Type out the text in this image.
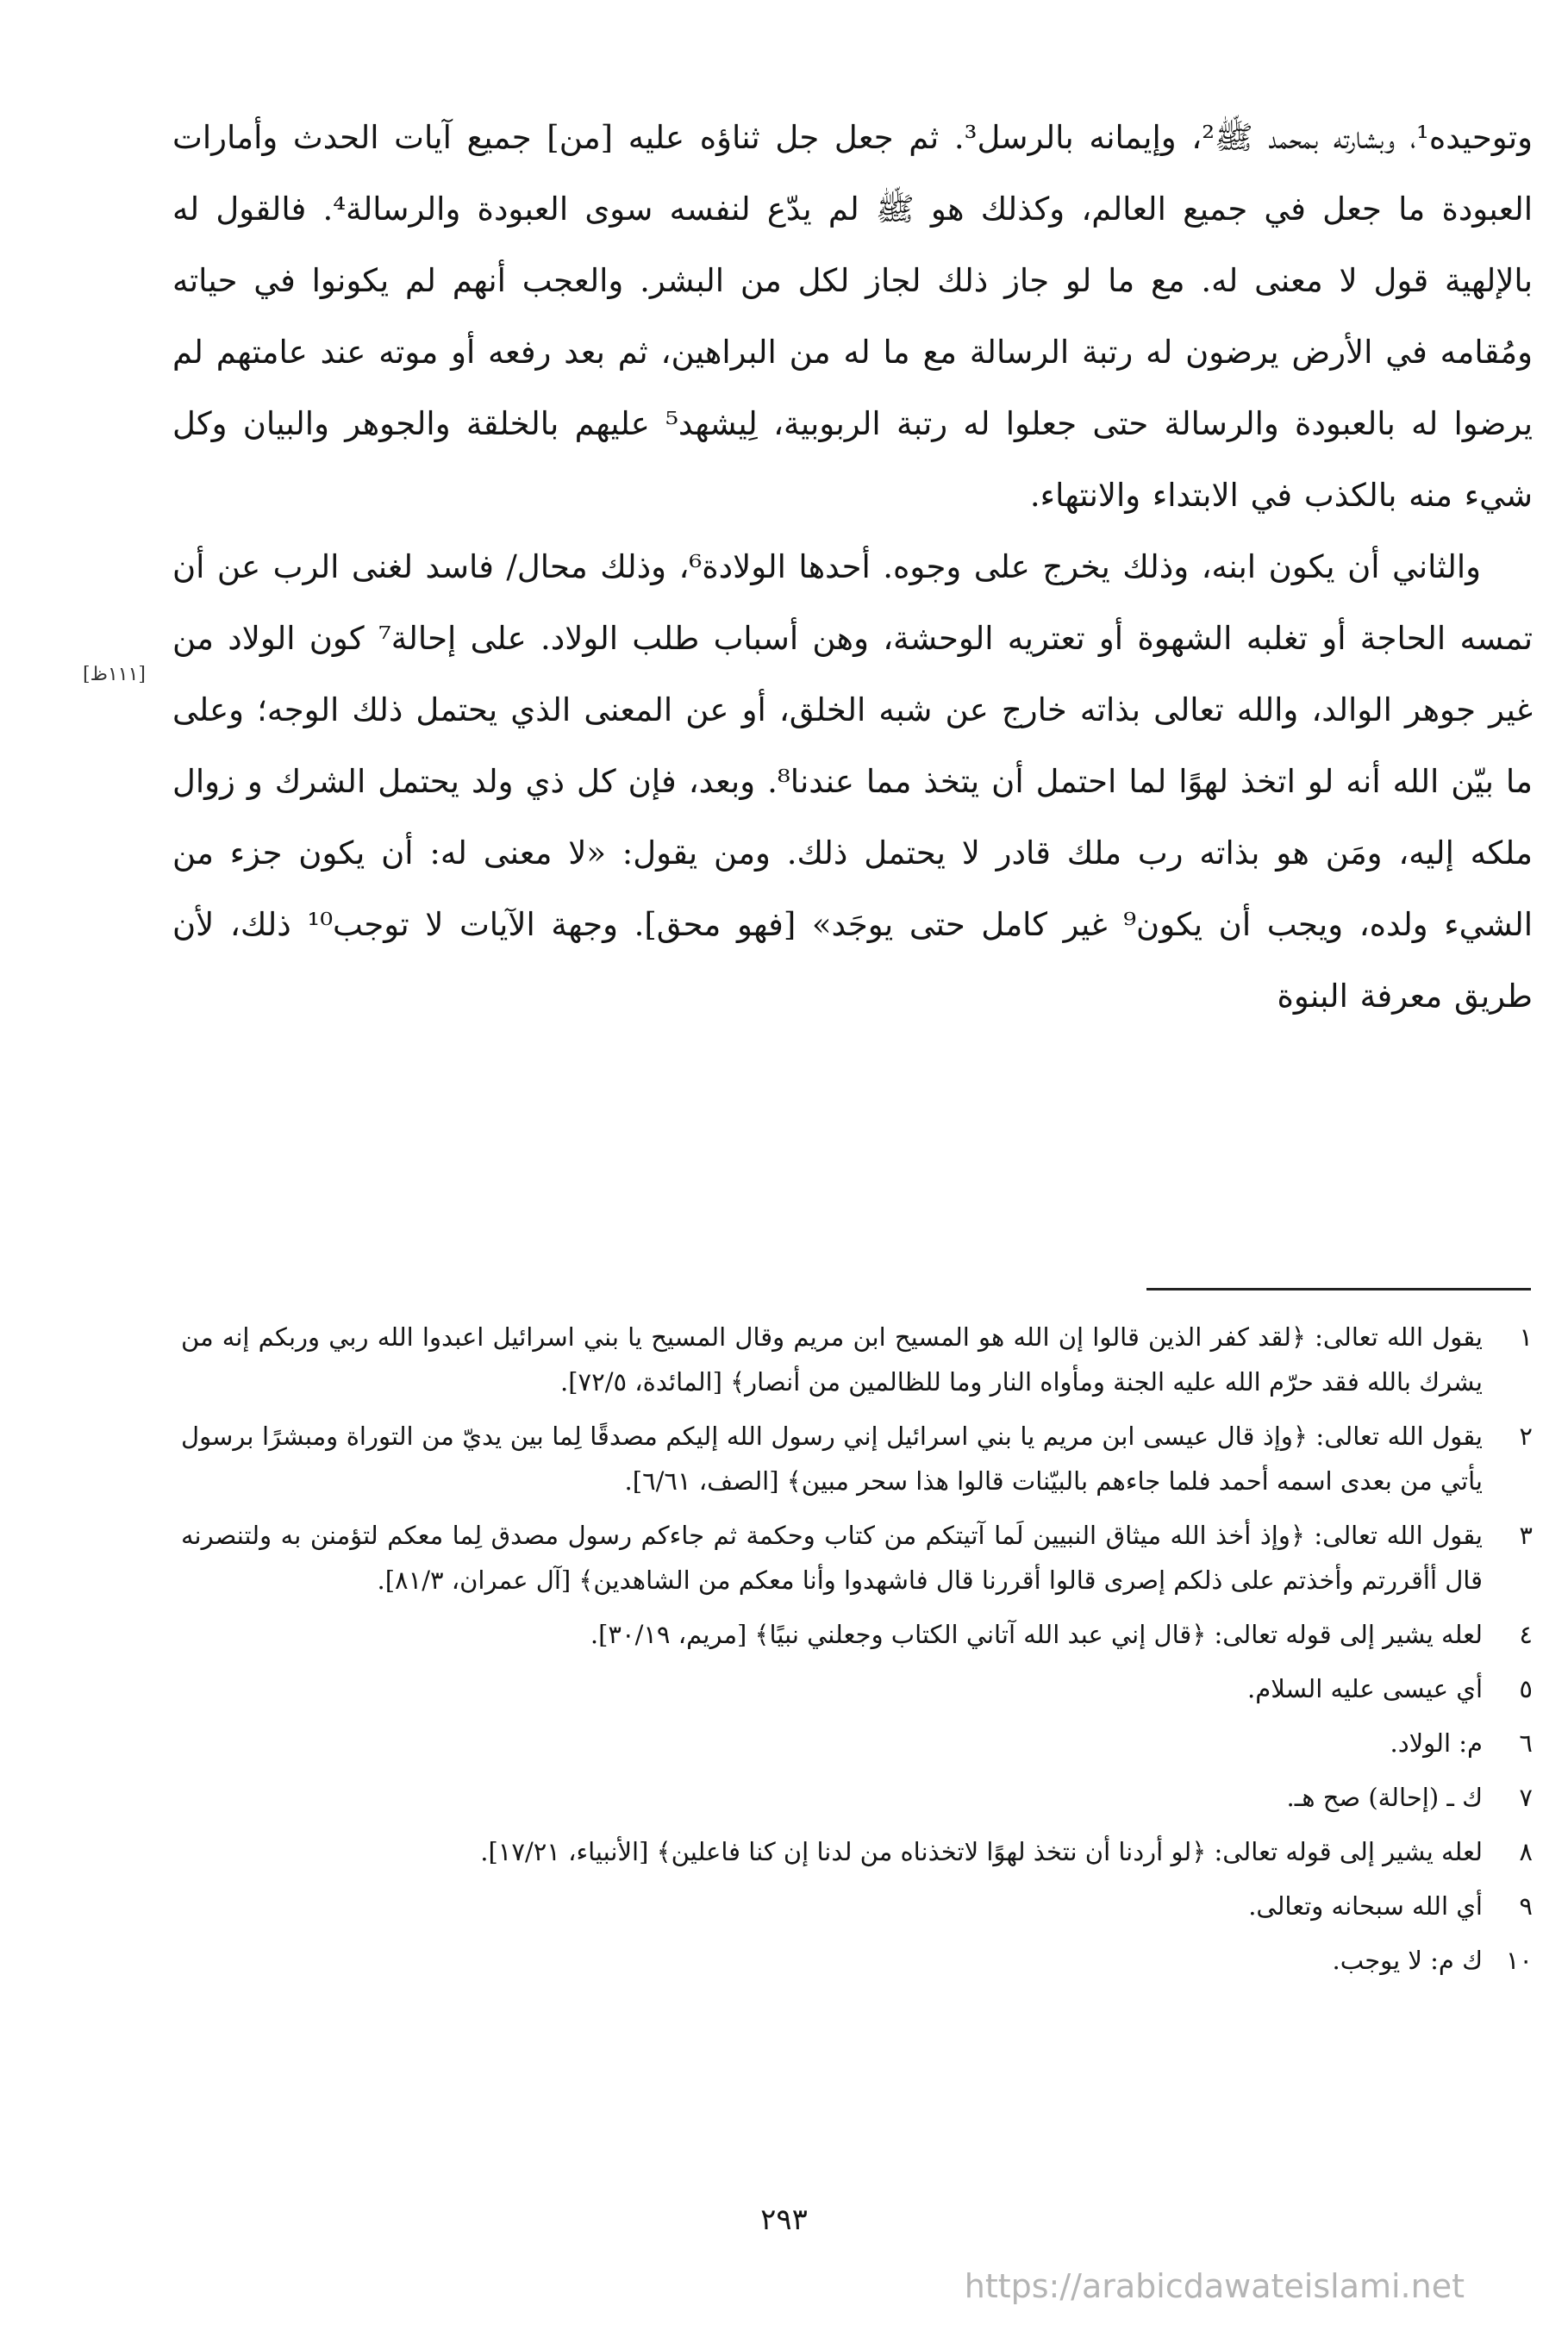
وتوحيده¹، وبشارته بمحمد ﷺ²، وإيمانه بالرسل³. ثم جعل جل ثناؤه عليه [من] جميع آيات الحدث وأمارات العبودة ما جعل في جميع العالم، وكذلك هو ﷺ لم يدّع لنفسه سوى العبودة والرسالة⁴. فالقول له بالإلهية قول لا معنى له. مع ما لو جاز ذلك لجاز لكل من البشر. والعجب أنهم لم يكونوا في حياته ومُقامه في الأرض يرضون له رتبة الرسالة مع ما له من البراهين، ثم بعد رفعه أو موته عند عامتهم لم يرضوا له بالعبودة والرسالة حتى جعلوا له رتبة الربوبية، لِيشهد⁵ عليهم بالخلقة والجوهر والبيان وكل شيء منه بالكذب في الابتداء والانتهاء.

والثاني أن يكون ابنه، وذلك يخرج على وجوه. أحدها الولادة⁶، وذلك محال/ فاسد لغنى الرب عن أن تمسه الحاجة أو تغلبه الشهوة أو تعتريه الوحشة، وهن أسباب طلب الولاد. على إحالة⁷ كون الولاد من غير جوهر الوالد، والله تعالى بذاته خارج عن شبه الخلق، أو عن المعنى الذي يحتمل ذلك الوجه؛ وعلى ما بيّن الله أنه لو اتخذ لهوًا لما احتمل أن يتخذ مما عندنا⁸. وبعد، فإن كل ذي ولد يحتمل الشرك و زوال ملكه إليه، ومَن هو بذاته رب ملك قادر لا يحتمل ذلك. ومن يقول: «لا معنى له: أن يكون جزء من الشيء ولده، ويجب أن يكون⁹ غير كامل حتى يوجَد» [فهو محق]. وجهة الآيات لا توجب¹⁰ ذلك، لأن طريق معرفة البنوة

[١١١ظ]
١
يقول الله تعالى: ﴿لقد كفر الذين قالوا إن الله هو المسيح ابن مريم وقال المسيح يا بني اسرائيل اعبدوا الله ربي وربكم إنه من يشرك بالله فقد حرّم الله عليه الجنة ومأواه النار وما للظالمين من أنصار﴾ [المائدة، ٧٢/٥].
٢
يقول الله تعالى: ﴿وإذ قال عيسى ابن مريم يا بني اسرائيل إني رسول الله إليكم مصدقًا لِما بين يديّ من التوراة ومبشرًا برسول يأتي من بعدى اسمه أحمد فلما جاءهم بالبيّنات قالوا هذا سحر مبين﴾ [الصف، ٦/٦١].
٣
يقول الله تعالى: ﴿وإذ أخذ الله ميثاق النبيين لَما آتيتكم من كتاب وحكمة ثم جاءكم رسول مصدق لِما معكم لتؤمنن به ولتنصرنه قال أأقررتم وأخذتم على ذلكم إصرى قالوا أقررنا قال فاشهدوا وأنا معكم من الشاهدين﴾ [آل عمران، ٨١/٣].
٤
لعله يشير إلى قوله تعالى: ﴿قال إني عبد الله آتاني الكتاب وجعلني نبيًا﴾ [مريم، ٣٠/١٩].
٥
أي عيسى عليه السلام.
٦
م: الولاد.
٧
ك ـ (إحالة) صح هـ.
٨
لعله يشير إلى قوله تعالى: ﴿لو أردنا أن نتخذ لهوًا لاتخذناه من لدنا إن كنا فاعلين﴾ [الأنبياء، ١٧/٢١].
٩
أي الله سبحانه وتعالى.
١٠
ك م: لا يوجب.
٢٩٣
https://arabicdawateislami.net
